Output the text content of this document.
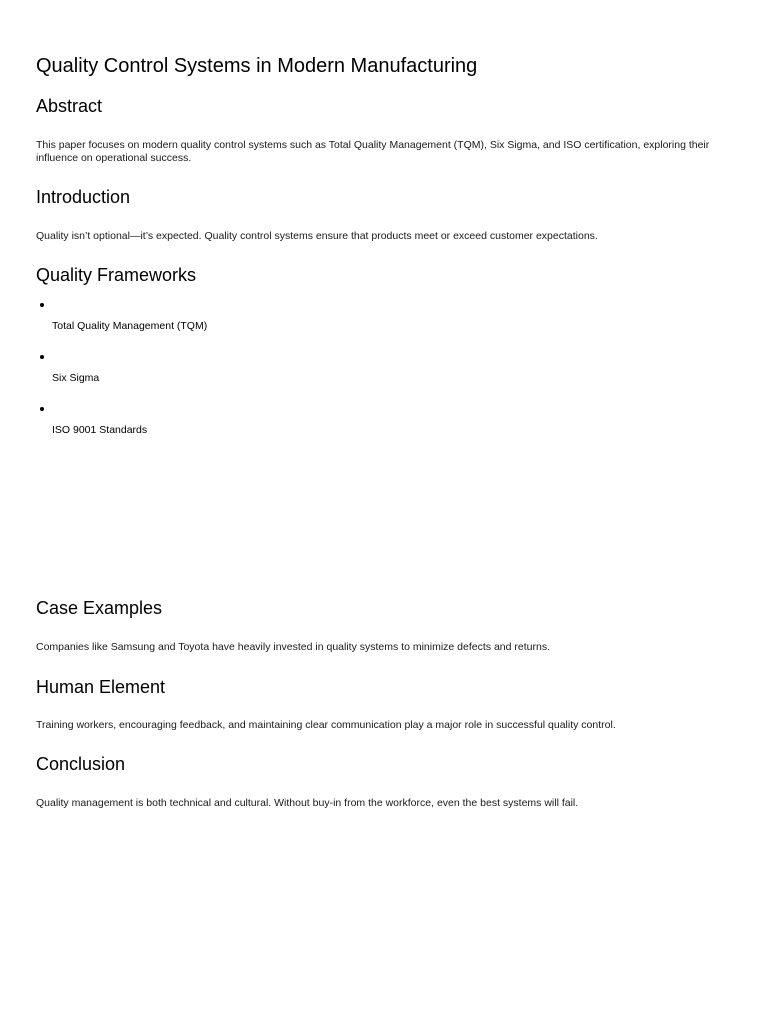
Quality Control Systems in Modern Manufacturing
Abstract

This paper focuses on modern quality control systems such as Total Quality Management (TQM), Six Sigma, and ISO certification, exploring their influence on operational success.

Introduction

Quality isn’t optional—it’s expected. Quality control systems ensure that products meet or exceed customer expectations.

Quality Frameworks
Total Quality Management (TQM)
Six Sigma
ISO 9001 Standards
Case Examples

Companies like Samsung and Toyota have heavily invested in quality systems to minimize defects and returns.

Human Element

Training workers, encouraging feedback, and maintaining clear communication play a major role in successful quality control.

Conclusion

Quality management is both technical and cultural. Without buy-in from the workforce, even the best systems will fail.
